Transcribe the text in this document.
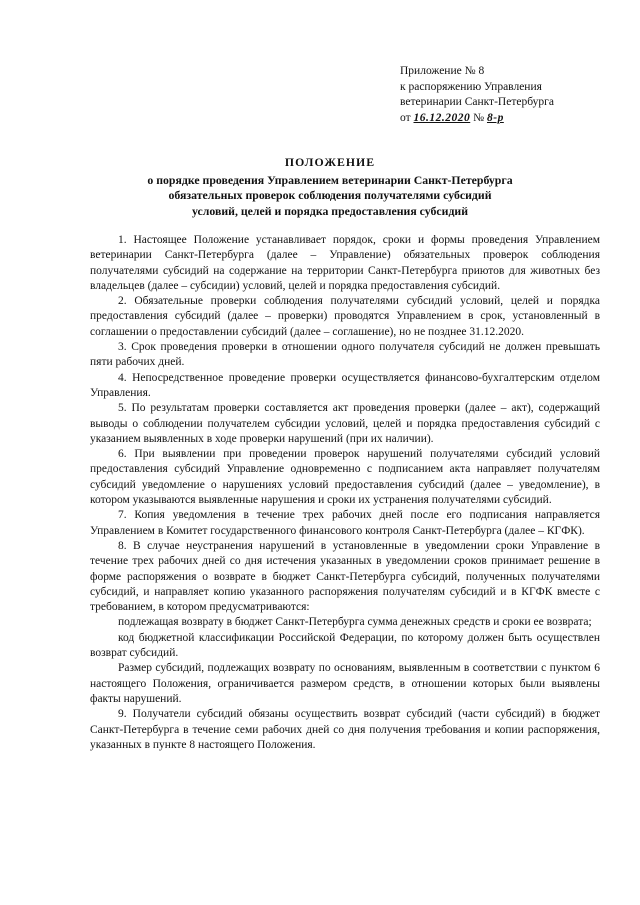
Приложение № 8
к распоряжению Управления
ветеринарии Санкт-Петербурга
от 16.12.2020 № 8-р
ПОЛОЖЕНИЕ
о порядке проведения Управлением ветеринарии Санкт-Петербурга
обязательных проверок соблюдения получателями субсидий
условий, целей и порядка предоставления субсидий

1. Настоящее Положение устанавливает порядок, сроки и формы проведения Управлением ветеринарии Санкт-Петербурга (далее – Управление) обязательных проверок соблюдения получателями субсидий на содержание на территории Санкт-Петербурга приютов для животных без владельцев (далее – субсидии) условий, целей и порядка предоставления субсидий.

2. Обязательные проверки соблюдения получателями субсидий условий, целей и порядка предоставления субсидий (далее – проверки) проводятся Управлением в срок, установленный в соглашении о предоставлении субсидий (далее – соглашение), но не позднее 31.12.2020.

3. Срок проведения проверки в отношении одного получателя субсидий не должен превышать пяти рабочих дней.

4. Непосредственное проведение проверки осуществляется финансово-бухгалтерским отделом Управления.

5. По результатам проверки составляется акт проведения проверки (далее – акт), содержащий выводы о соблюдении получателем субсидии условий, целей и порядка предоставления субсидий с указанием выявленных в ходе проверки нарушений (при их наличии).

6. При выявлении при проведении проверок нарушений получателями субсидий условий предоставления субсидий Управление одновременно с подписанием акта направляет получателям субсидий уведомление о нарушениях условий предоставления субсидий (далее – уведомление), в котором указываются выявленные нарушения и сроки их устранения получателями субсидий.

7. Копия уведомления в течение трех рабочих дней после его подписания направляется Управлением в Комитет государственного финансового контроля Санкт-Петербурга (далее – КГФК).

8. В случае неустранения нарушений в установленные в уведомлении сроки Управление в течение трех рабочих дней со дня истечения указанных в уведомлении сроков принимает решение в форме распоряжения о возврате в бюджет Санкт-Петербурга субсидий, полученных получателями субсидий, и направляет копию указанного распоряжения получателям субсидий и в КГФК вместе с требованием, в котором предусматриваются:

подлежащая возврату в бюджет Санкт-Петербурга сумма денежных средств и сроки ее возврата;

код бюджетной классификации Российской Федерации, по которому должен быть осуществлен возврат субсидий.

Размер субсидий, подлежащих возврату по основаниям, выявленным в соответствии с пунктом 6 настоящего Положения, ограничивается размером средств, в отношении которых были выявлены факты нарушений.

9. Получатели субсидий обязаны осуществить возврат субсидий (части субсидий) в бюджет Санкт-Петербурга в течение семи рабочих дней со дня получения требования и копии распоряжения, указанных в пункте 8 настоящего Положения.
